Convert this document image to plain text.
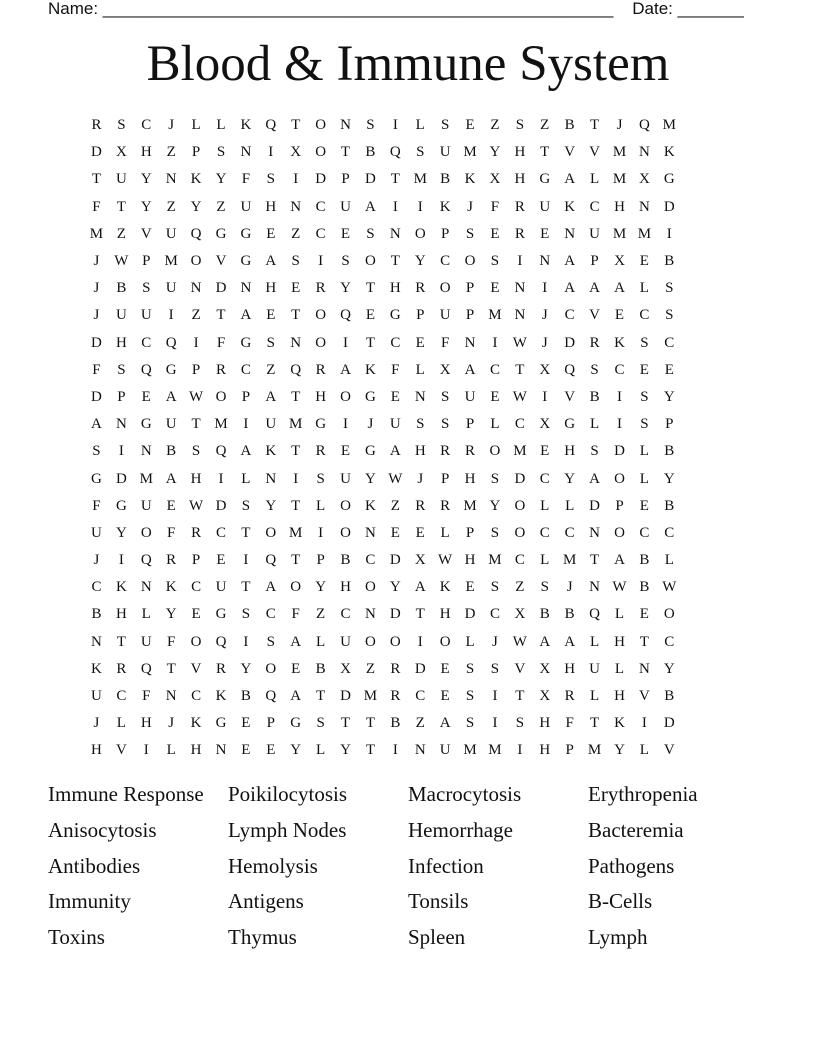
Name: ______________________________________________________    Date: _______
Blood & Immune System
R	S	C	J	L	L K Q T O N	S	I	L	S	E	Z	S	Z	B	T	J	Q M
D X H Z	P	S	N	I	X O T	B Q	S	U M Y H T V V M N K
T U Y N K Y	F	S	I	D	P	D T M B K X H G A L M X G
F	T Y Z Y Z U H N C U A	I	I	K	J	F	R U K C H N D
M Z V U Q G G E	Z	C	E	S	N O	P	S	E	R	E N U M M	I
J W P M O V G A	S	I	S	O T Y C O	S	I	N A	P	X E	B
J	B	S	U N D N H E	R Y T H R O	P	E N	I	A A A L	S
J	U U	I	Z	T A E	T O Q E G	P	U	P M N	J	C V E	C	S
D H C Q	I	F	G	S	N O	I	T	C	E	F	N	I	W J	D R K	S	C
F	S	Q G	P	R C	Z Q R A K	F	L X A C	T X Q	S	C	E	E
D	P	E A W O	P	A T H O G E N	S	U E W	I	V B	I	S	Y
A N G U T M	I	U M G	I	J	U	S	S	P	L	C X G L	I	S	P
S	I	N B	S	Q A K T	R	E G A H R R O M E H	S	D L	B
G D M A H	I	L N	I	S	U Y W J	P	H	S	D C Y A O L Y
F	G U E W D	S	Y T	L O K Z	R R M Y O L	L D	P	E	B
U Y O	F	R C	T O M	I	O N E	E	L	P	S	O C C N O C C
J	I	Q R	P	E	I	Q T	P	B C D X W H M C	L M T A B	L
C K N K C U T A O Y H O Y A K E	S	Z	S	J	N W B W
B H L Y E G	S	C	F	Z	C N D T H D C X B B Q L	E O
N T U	F	O Q	I	S	A L U O O	I	O L	J W A A L H T	C
K R Q T V R Y O E	B X Z	R D E	S	S	V X H U L N Y
U C	F	N C K B Q A T D M R C	E	S	I	T X R	L H V B
J	L H	J	K G E	P	G	S	T	T	B	Z A	S	I	S	H	F	T K	I	D
H V	I	L H N E	E Y L Y T	I	N U M M	I	H	P M Y L V
Immune Response	Poikilocytosis	Macrocytosis	Erythropenia
Anisocytosis	Lymph Nodes	Hemorrhage	Bacteremia
Antibodies	Hemolysis	Infection	Pathogens
Immunity	Antigens	Tonsils	B-Cells
Toxins	Thymus	Spleen	Lymph
